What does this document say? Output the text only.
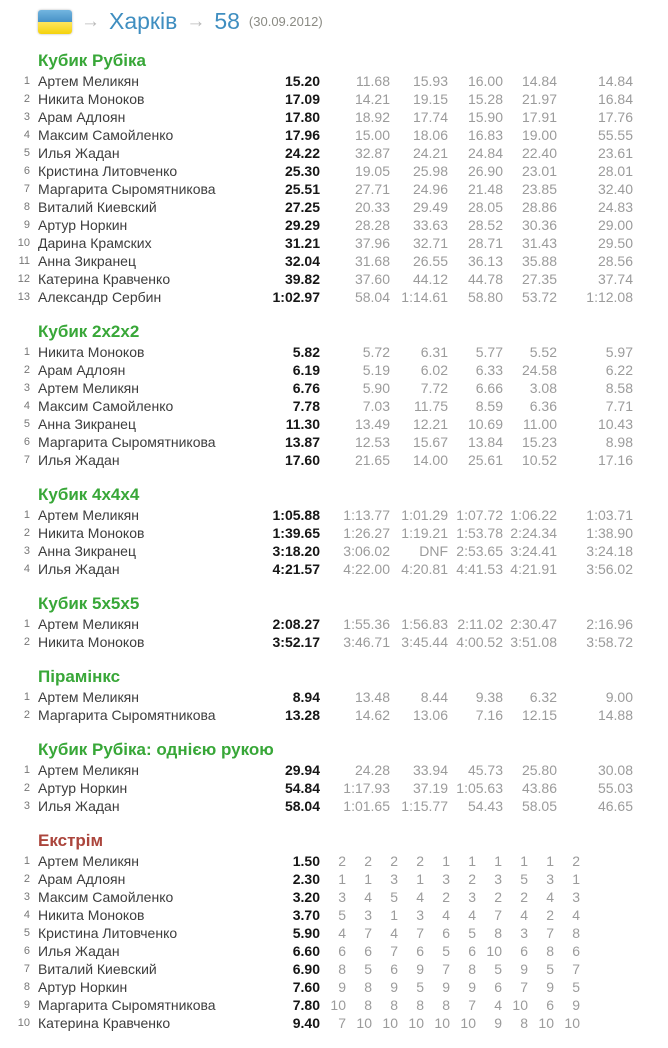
→ Харків → 58 (30.09.2012)
Кубик Рубіка
1	Артем Меликян	15.20	11.68	15.93	16.00	14.84	14.84
2	Никита Моноков	17.09	14.21	19.15	15.28	21.97	16.84
3	Арам Адлоян	17.80	18.92	17.74	15.90	17.91	17.76
4	Максим Самойленко	17.96	15.00	18.06	16.83	19.00	55.55
5	Илья Жадан	24.22	32.87	24.21	24.84	22.40	23.61
6	Кристина Литовченко	25.30	19.05	25.98	26.90	23.01	28.01
7	Маргарита Сыромятникова	25.51	27.71	24.96	21.48	23.85	32.40
8	Виталий Киевский	27.25	20.33	29.49	28.05	28.86	24.83
9	Артур Норкин	29.29	28.28	33.63	28.52	30.36	29.00
10	Дарина Крамских	31.21	37.96	32.71	28.71	31.43	29.50
11	Анна Зикранец	32.04	31.68	26.55	36.13	35.88	28.56
12	Катерина Кравченко	39.82	37.60	44.12	44.78	27.35	37.74
13	Александр Сербин	1:02.97	58.04	1:14.61	58.80	53.72	1:12.08
Кубик 2х2х2
1	Никита Моноков	5.82	5.72	6.31	5.77	5.52	5.97
2	Арам Адлоян	6.19	5.19	6.02	6.33	24.58	6.22
3	Артем Меликян	6.76	5.90	7.72	6.66	3.08	8.58
4	Максим Самойленко	7.78	7.03	11.75	8.59	6.36	7.71
5	Анна Зикранец	11.30	13.49	12.21	10.69	11.00	10.43
6	Маргарита Сыромятникова	13.87	12.53	15.67	13.84	15.23	8.98
7	Илья Жадан	17.60	21.65	14.00	25.61	10.52	17.16
Кубик 4х4х4
1	Артем Меликян	1:05.88	1:13.77	1:01.29	1:07.72	1:06.22	1:03.71
2	Никита Моноков	1:39.65	1:26.27	1:19.21	1:53.78	2:24.34	1:38.90
3	Анна Зикранец	3:18.20	3:06.02	DNF	2:53.65	3:24.41	3:24.18
4	Илья Жадан	4:21.57	4:22.00	4:20.81	4:41.53	4:21.91	3:56.02
Кубик 5х5х5
1	Артем Меликян	2:08.27	1:55.36	1:56.83	2:11.02	2:30.47	2:16.96
2	Никита Моноков	3:52.17	3:46.71	3:45.44	4:00.52	3:51.08	3:58.72
Пірамінкс
1	Артем Меликян	8.94	13.48	8.44	9.38	6.32	9.00
2	Маргарита Сыромятникова	13.28	14.62	13.06	7.16	12.15	14.88
Кубик Рубіка: однією рукою
1	Артем Меликян	29.94	24.28	33.94	45.73	25.80	30.08
2	Артур Норкин	54.84	1:17.93	37.19	1:05.63	43.86	55.03
3	Илья Жадан	58.04	1:01.65	1:15.77	54.43	58.05	46.65
Екстрім
1	Артем Меликян	1.50	2	2	2	2	1	1	1	1	1	2
2	Арам Адлоян	2.30	1	1	3	1	3	2	3	5	3	1
3	Максим Самойленко	3.20	3	4	5	4	2	3	2	2	4	3
4	Никита Моноков	3.70	5	3	1	3	4	4	7	4	2	4
5	Кристина Литовченко	5.90	4	7	4	7	6	5	8	3	7	8
6	Илья Жадан	6.60	6	6	7	6	5	6	10	6	8	6
7	Виталий Киевский	6.90	8	5	6	9	7	8	5	9	5	7
8	Артур Норкин	7.60	9	8	9	5	9	9	6	7	9	5
9	Маргарита Сыромятникова	7.80	10	8	8	8	8	7	4	10	6	9
10	Катерина Кравченко	9.40	7	10	10	10	10	10	9	8	10	10
